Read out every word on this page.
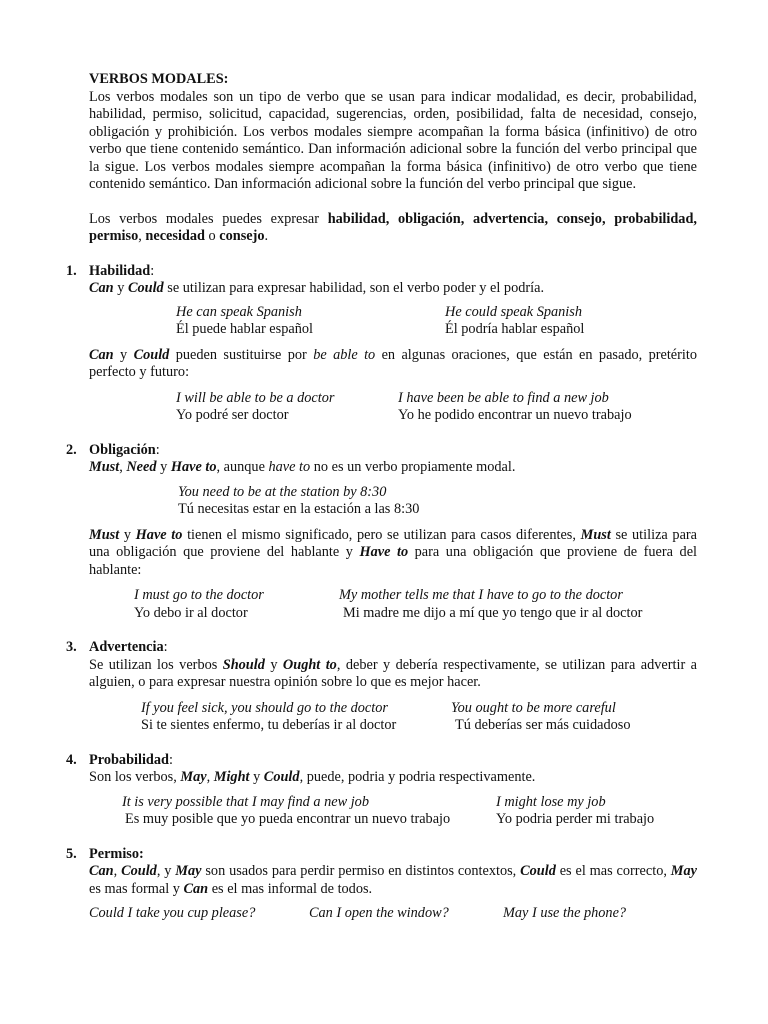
VERBOS MODALES:

Los verbos modales son un tipo de verbo que se usan para indicar modalidad, es decir, probabilidad, habilidad, permiso, solicitud, capacidad, sugerencias, orden, posibilidad, falta de necesidad, consejo, obligación y prohibición. Los verbos modales siempre acompañan la forma básica (infinitivo) de otro verbo que tiene contenido semántico. Dan información adicional sobre la función del verbo principal que la sigue. Los verbos modales siempre acompañan la forma básica (infinitivo) de otro verbo que tiene contenido semántico. Dan información adicional sobre la función del verbo principal que sigue.

Los verbos modales puedes expresar habilidad, obligación, advertencia, consejo, probabilidad, permiso, necesidad o consejo.

1. Habilidad:

Can y Could se utilizan para expresar habilidad, son el verbo poder y el podría.

He can speak Spanish

Él puede hablar español

He could speak Spanish

Él podría hablar español

Can y Could pueden sustituirse por be able to en algunas oraciones, que están en pasado, pretérito perfecto y futuro:

I will be able to be a doctor

Yo podré ser doctor

I have been be able to find a new job

Yo he podido encontrar un nuevo trabajo

2. Obligación:

Must, Need y Have to, aunque have to no es un verbo propiamente modal.

You need to be at the station by 8:30

Tú necesitas estar en la estación a las 8:30

Must y Have to tienen el mismo significado, pero se utilizan para casos diferentes, Must se utiliza para una obligación que proviene del hablante y Have to para una obligación que proviene de fuera del hablante:

I must go to the doctor

Yo debo ir al doctor

My mother tells me that I have to go to the doctor

Mi madre me dijo a mí que yo tengo que ir al doctor

3. Advertencia:

Se utilizan los verbos Should y Ought to, deber y debería respectivamente, se utilizan para advertir a alguien, o para expresar nuestra opinión sobre lo que es mejor hacer.

If you feel sick, you should go to the doctor

Si te sientes enfermo, tu deberías ir al doctor

You ought to be more careful

Tú deberías ser más cuidadoso

4. Probabilidad:

Son los verbos, May, Might y Could, puede, podria y podria respectivamente.

It is very possible that I may find a new job

Es muy posible que yo pueda encontrar un nuevo trabajo

I might lose my job

Yo podria perder mi trabajo

5. Permiso:

Can, Could, y May son usados para perdir permiso en distintos contextos, Could es el mas correcto, May es mas formal y Can es el mas informal de todos.

Could I take you cup please?	Can I open the window?	May I use the phone?
